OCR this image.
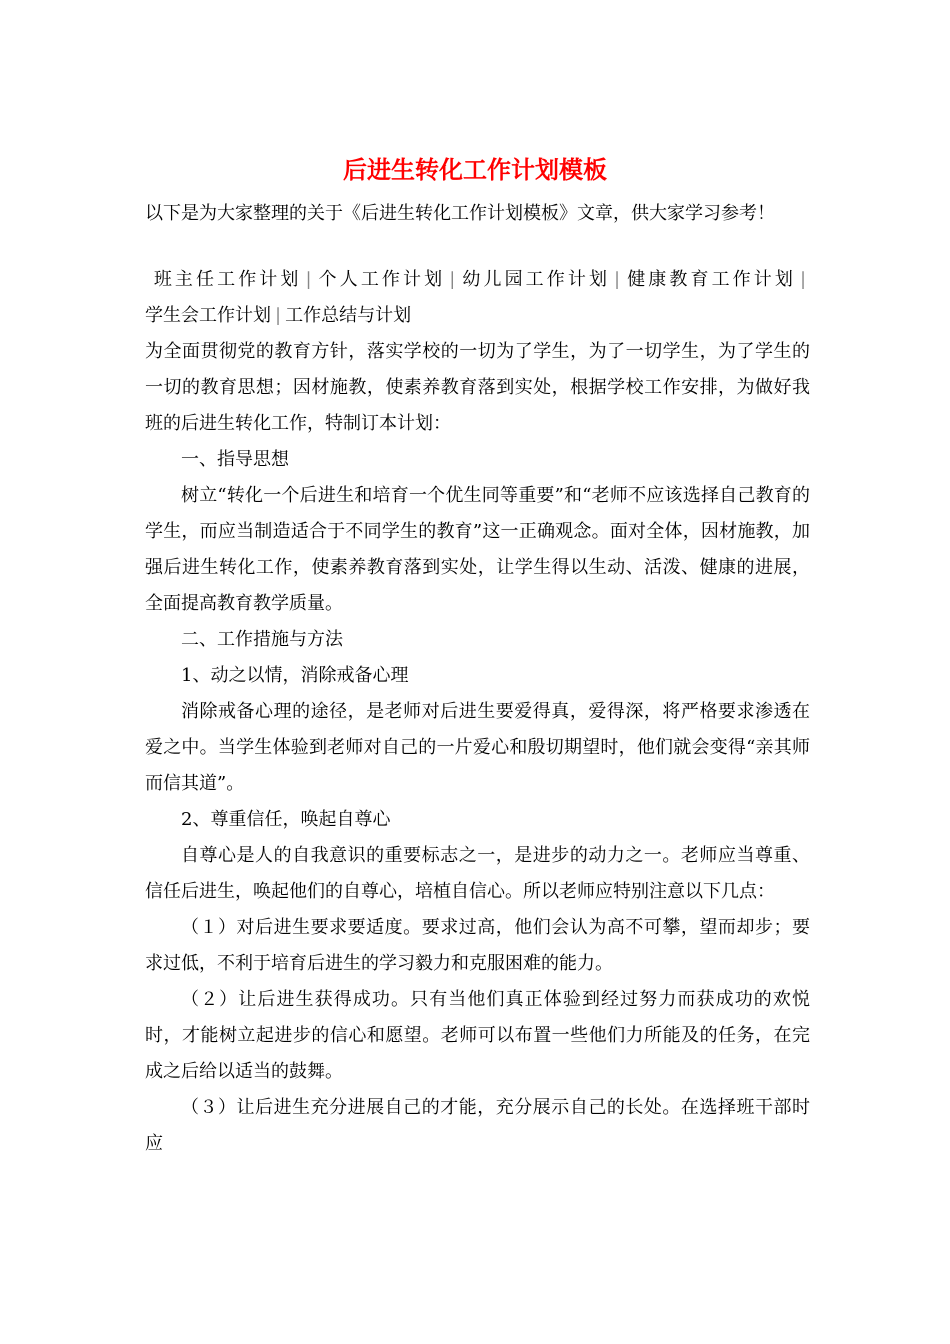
后进生转化工作计划模板
以下是为大家整理的关于《后进生转化工作计划模板》文章，供大家学习参考！
班主任工作计划 | 个人工作计划 | 幼儿园工作计划 | 健康教育工作计划 |学生会工作计划 | 工作总结与计划

为全面贯彻党的教育方针，落实学校的一切为了学生，为了一切学生，为了学生的一切的教育思想；因材施教，使素养教育落到实处，根据学校工作安排，为做好我班的后进生转化工作，特制订本计划：

一、指导思想

树立“转化一个后进生和培育一个优生同等重要”和“老师不应该选择自己教育的学生，而应当制造适合于不同学生的教育”这一正确观念。面对全体，因材施教，加强后进生转化工作，使素养教育落到实处，让学生得以生动、活泼、健康的进展，全面提高教育教学质量。

二、工作措施与方法

1、动之以情，消除戒备心理

消除戒备心理的途径，是老师对后进生要爱得真，爱得深，将严格要求渗透在爱之中。当学生体验到老师对自己的一片爱心和殷切期望时，他们就会变得“亲其师而信其道”。

2、尊重信任，唤起自尊心

自尊心是人的自我意识的重要标志之一，是进步的动力之一。老师应当尊重、信任后进生，唤起他们的自尊心，培植自信心。所以老师应特别注意以下几点：

（１）对后进生要求要适度。要求过高，他们会认为高不可攀，望而却步；要求过低，不利于培育后进生的学习毅力和克服困难的能力。

（２）让后进生获得成功。只有当他们真正体验到经过努力而获成功的欢悦时，才能树立起进步的信心和愿望。老师可以布置一些他们力所能及的任务，在完成之后给以适当的鼓舞。

（３）让后进生充分进展自己的才能，充分展示自己的长处。在选择班干部时应
